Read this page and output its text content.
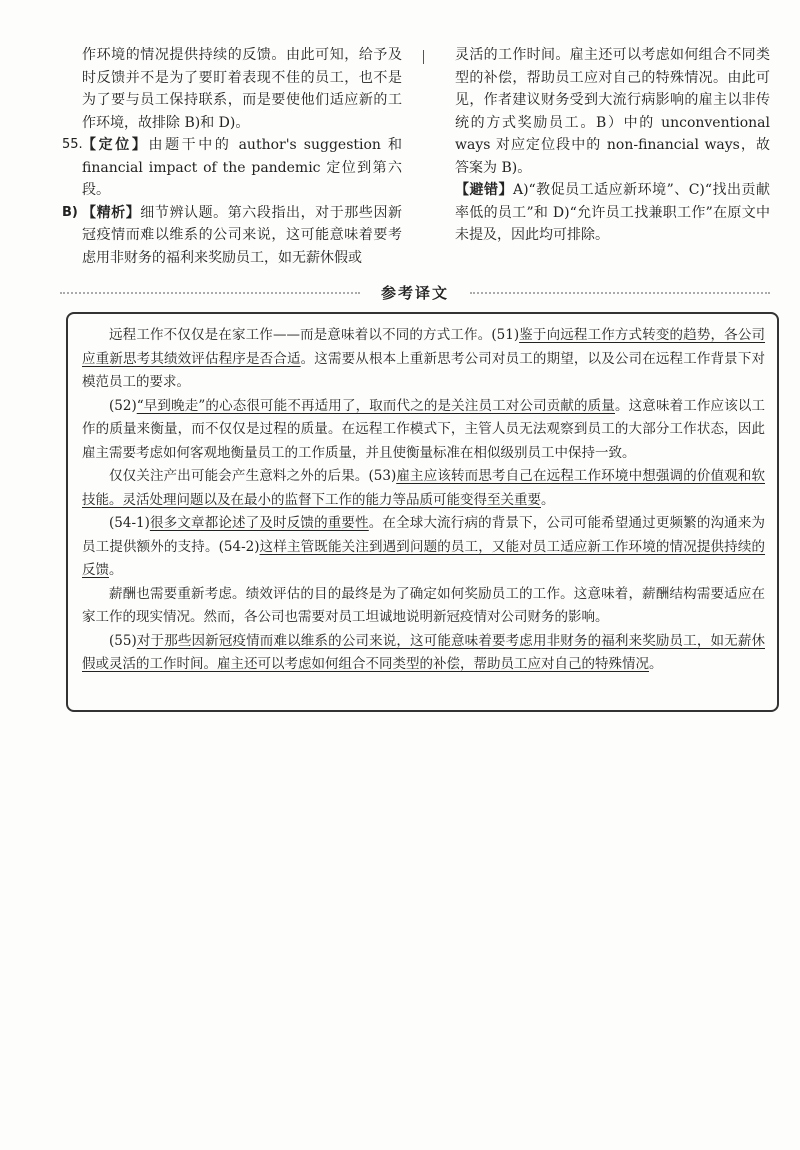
作环境的情况提供持续的反馈。由此可知，给予及时反馈并不是为了要盯着表现不佳的员工，也不是为了要与员工保持联系，而是要使他们适应新的工作环境，故排除 B)和 D)。

55. 【定位】由题干中的 author's suggestion 和 financial impact of the pandemic 定位到第六段。
B) 【精析】细节辨认题。第六段指出，对于那些因新冠疫情而难以维系的公司来说，这可能意味着要考虑用非财务的福利来奖励员工，如无薪休假或

灵活的工作时间。雇主还可以考虑如何组合不同类型的补偿，帮助员工应对自己的特殊情况。由此可见，作者建议财务受到大流行病影响的雇主以非传统的方式奖励员工。B）中的 unconventional ways 对应定位段中的 non-financial ways，故答案为 B)。

【避错】A)“教促员工适应新环境”、C)“找出贡献率低的员工”和 D)“允许员工找兼职工作”在原文中未提及，因此均可排除。

参考译文

远程工作不仅仅是在家工作——而是意味着以不同的方式工作。(51)鉴于向远程工作方式转变的趋势，各公司应重新思考其绩效评估程序是否合适。这需要从根本上重新思考公司对员工的期望，以及公司在远程工作背景下对模范员工的要求。

(52)“早到晚走”的心态很可能不再适用了，取而代之的是关注员工对公司贡献的质量。这意味着工作应该以工作的质量来衡量，而不仅仅是过程的质量。在远程工作模式下，主管人员无法观察到员工的大部分工作状态，因此雇主需要考虑如何客观地衡量员工的工作质量，并且使衡量标准在相似级别员工中保持一致。

仅仅关注产出可能会产生意料之外的后果。(53)雇主应该转而思考自己在远程工作环境中想强调的价值观和软技能。灵活处理问题以及在最小的监督下工作的能力等品质可能变得至关重要。

(54-1)很多文章都论述了及时反馈的重要性。在全球大流行病的背景下，公司可能希望通过更频繁的沟通来为员工提供额外的支持。(54-2)这样主管既能关注到遇到问题的员工，又能对员工适应新工作环境的情况提供持续的反馈。

薪酬也需要重新考虑。绩效评估的目的最终是为了确定如何奖励员工的工作。这意味着，薪酬结构需要适应在家工作的现实情况。然而，各公司也需要对员工坦诚地说明新冠疫情对公司财务的影响。

(55)对于那些因新冠疫情而难以维系的公司来说，这可能意味着要考虑用非财务的福利来奖励员工，如无薪休假或灵活的工作时间。雇主还可以考虑如何组合不同类型的补偿，帮助员工应对自己的特殊情况。
